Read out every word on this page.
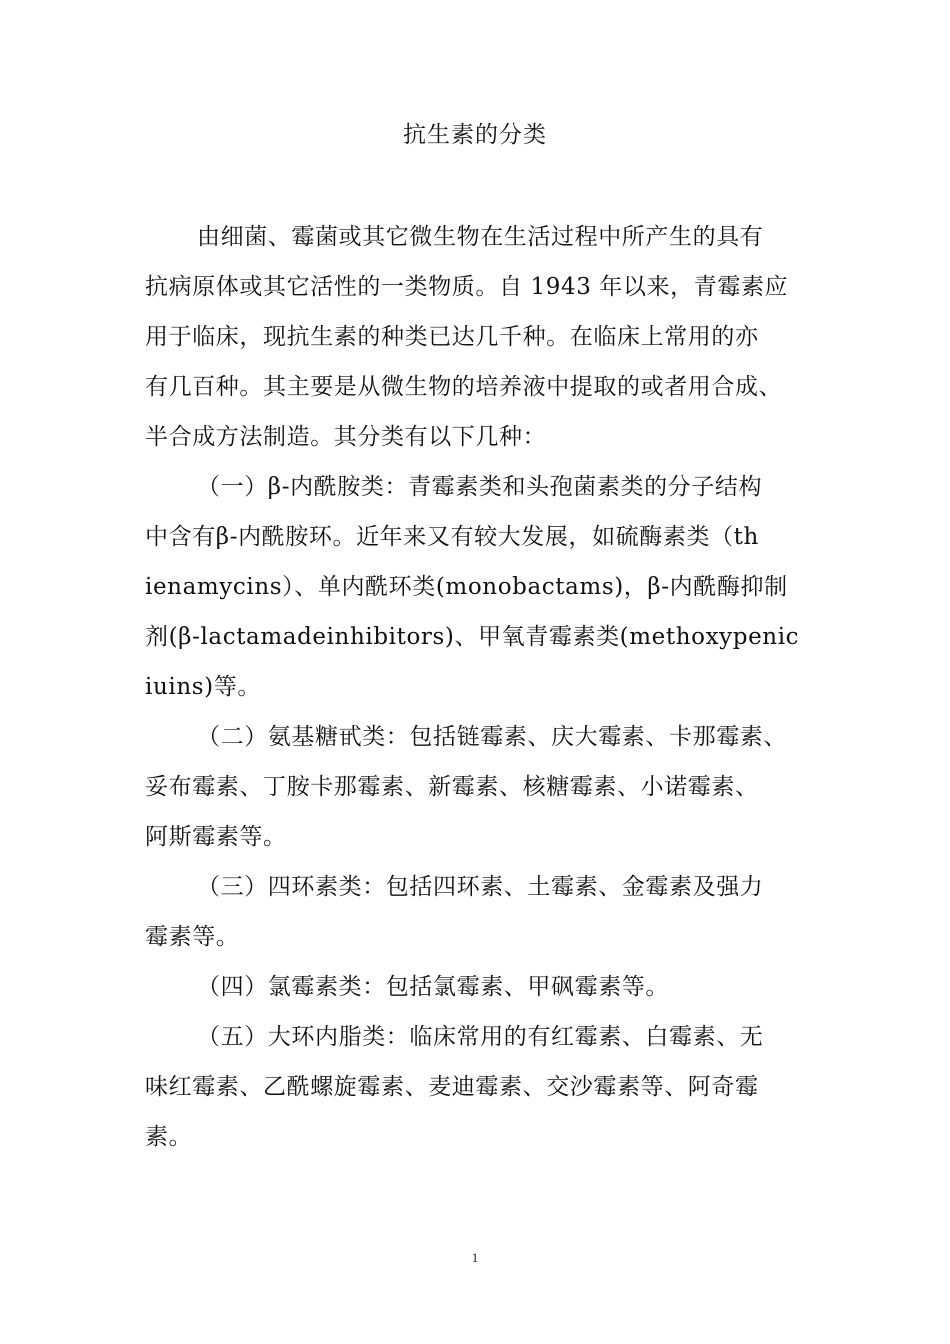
抗生素的分类
由细菌、霉菌或其它微生物在生活过程中所产生的具有
抗病原体或其它活性的一类物质。自 1943 年以来，青霉素应
用于临床，现抗生素的种类已达几千种。在临床上常用的亦
有几百种。其主要是从微生物的培养液中提取的或者用合成、
半合成方法制造。其分类有以下几种：
（一）β-内酰胺类：青霉素类和头孢菌素类的分子结构
中含有β-内酰胺环。近年来又有较大发展，如硫酶素类（th
ienamycins）、单内酰环类(monobactams)，β-内酰酶抑制
剂(β-lactamadeinhibitors)、甲氧青霉素类(methoxypenic
iuins)等。
（二）氨基糖甙类：包括链霉素、庆大霉素、卡那霉素、
妥布霉素、丁胺卡那霉素、新霉素、核糖霉素、小诺霉素、
阿斯霉素等。
（三）四环素类：包括四环素、土霉素、金霉素及强力
霉素等。
（四）氯霉素类：包括氯霉素、甲砜霉素等。
（五）大环内脂类：临床常用的有红霉素、白霉素、无
味红霉素、乙酰螺旋霉素、麦迪霉素、交沙霉素等、阿奇霉
素。
1
